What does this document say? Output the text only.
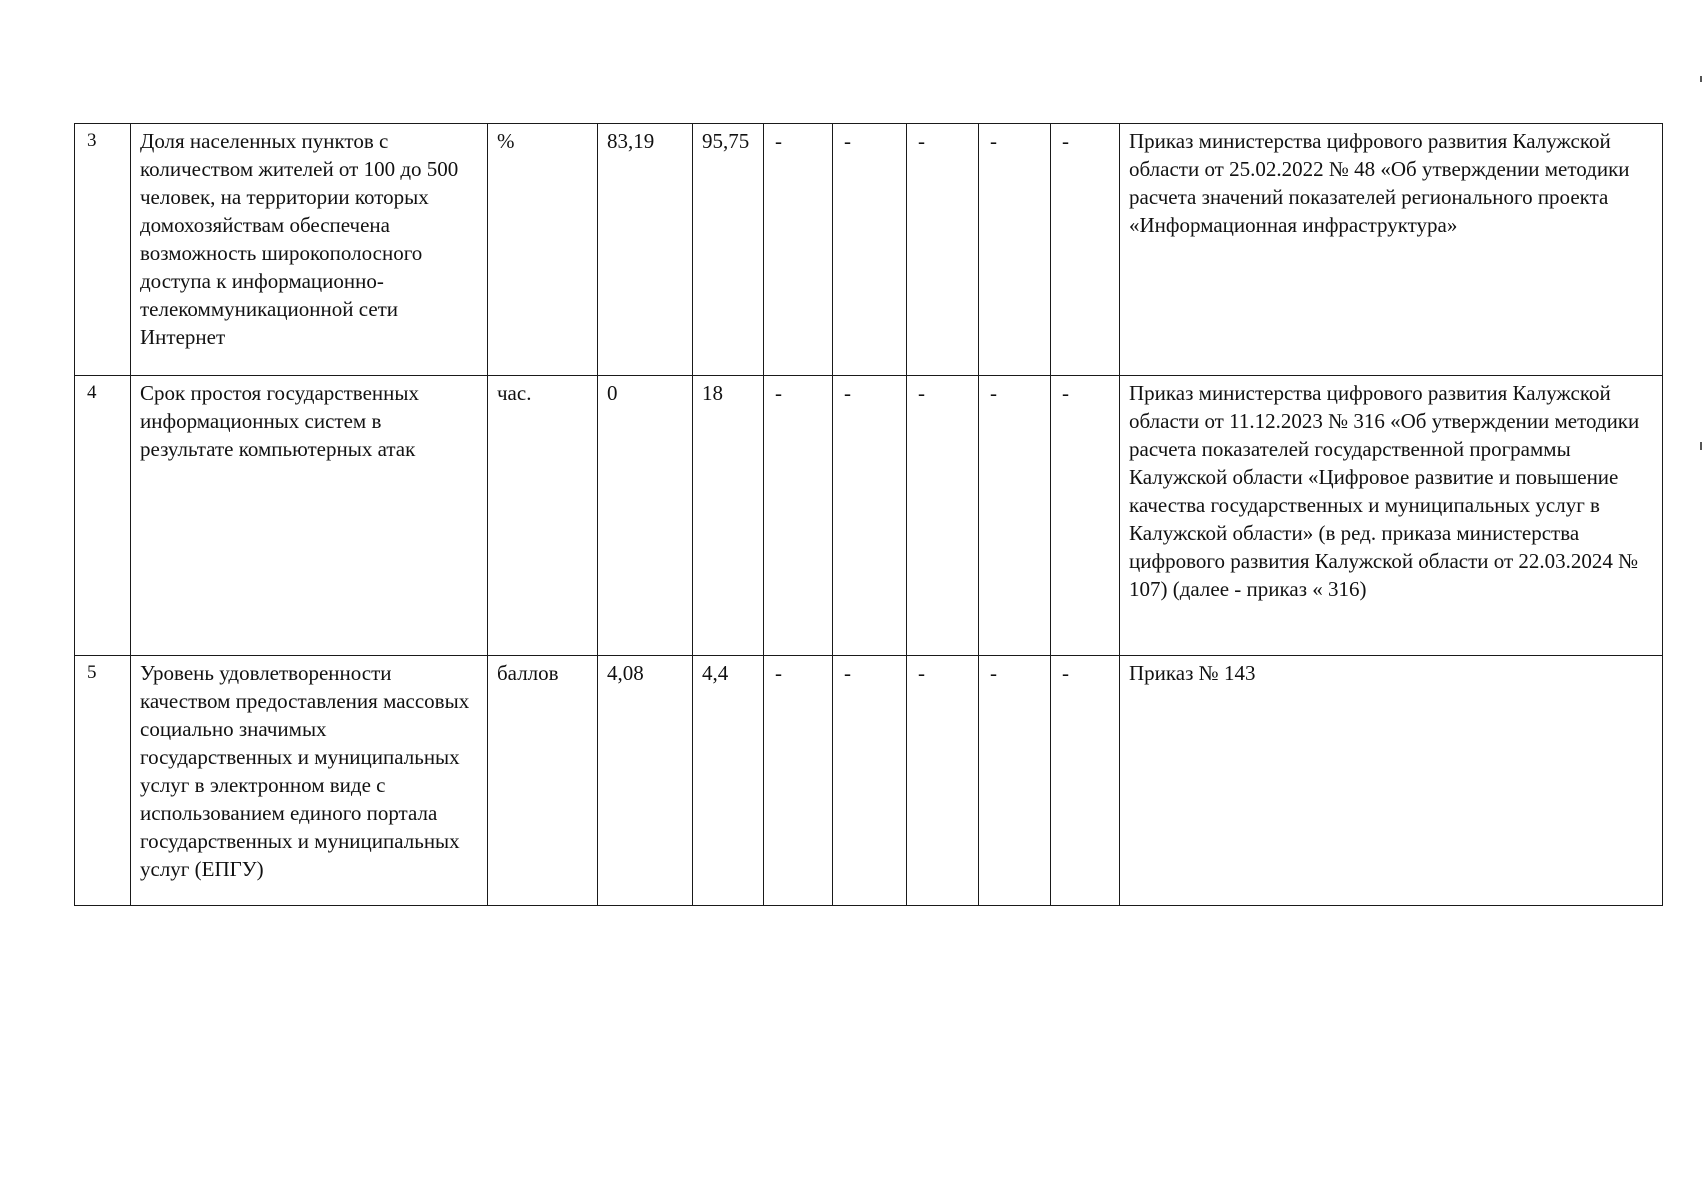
3	Доля населенных пунктов с количеством жителей от 100 до 500 человек, на территории которых домохозяйствам обеспечена возможность широкополосного доступа к информационно-телекоммуникационной сети Интернет	%	83,19	95,75	-	-	-	-	-	Приказ министерства цифрового развития Калужской области от 25.02.2022 № 48 «Об утверждении методики расчета значений показателей регионального проекта «Информационная инфраструктура»
4	Срок простоя государственных информационных систем в результате компьютерных атак	час.	0	18	-	-	-	-	-	Приказ министерства цифрового развития Калужской области от 11.12.2023 № 316 «Об утверждении методики расчета показателей государственной программы Калужской области «Цифровое развитие и повышение качества государственных и муниципальных услуг в Калужской области» (в ред. приказа министерства цифрового развития Калужской области от 22.03.2024 № 107) (далее - приказ « 316)
5	Уровень удовлетворенности качеством предоставления массовых социально значимых государственных и муниципальных услуг в электронном виде с использованием единого портала государственных и муниципальных услуг (ЕПГУ)	баллов	4,08	4,4	-	-	-	-	-	Приказ № 143
